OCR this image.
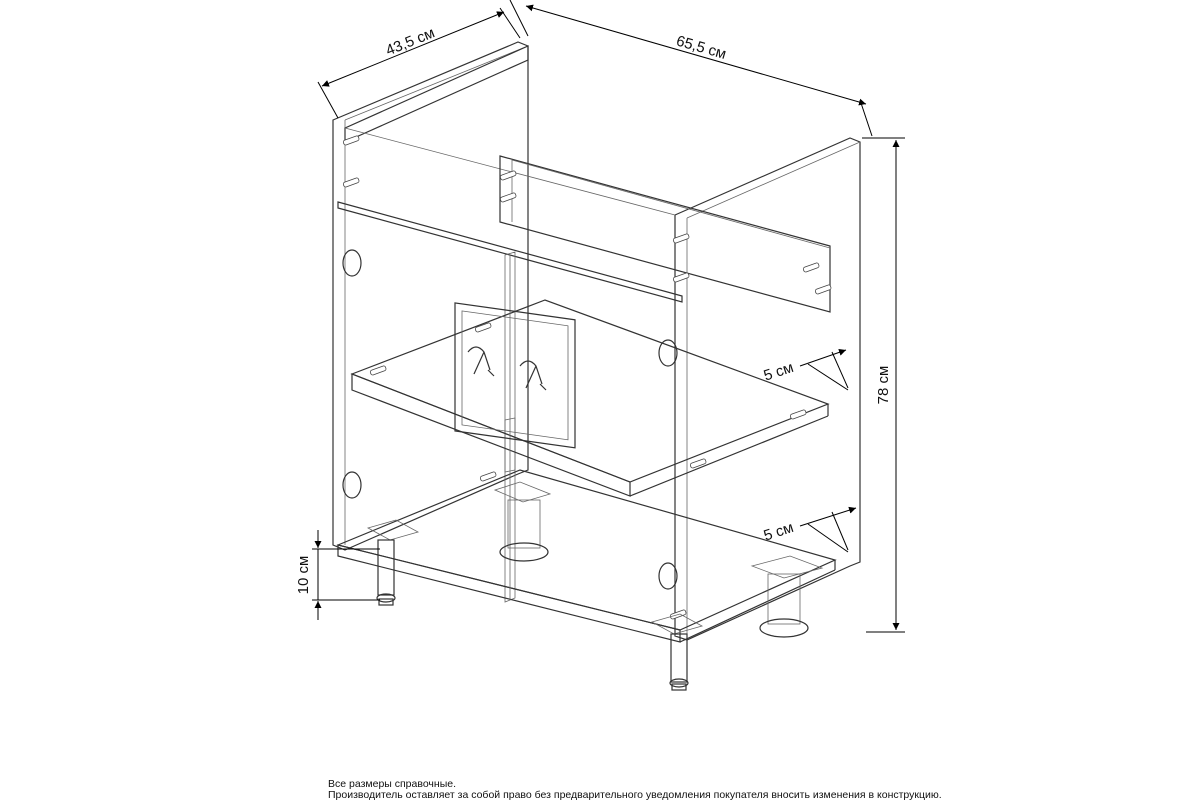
43,5 см	65,5 см
78 см
5 см
5 см
10 см
Все размеры справочные.
Производитель оставляет за собой право без предварительного уведомления покупателя вносить изменения в конструкцию.
